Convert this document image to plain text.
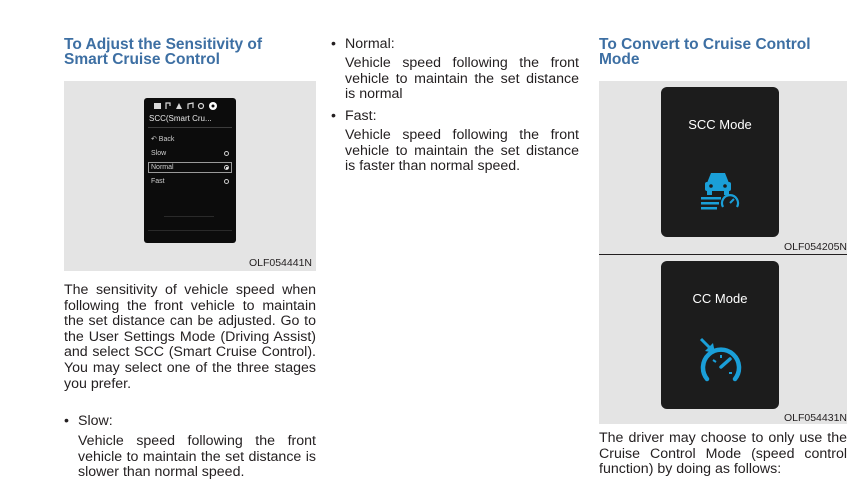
To Adjust the Sensitivity of
Smart Cruise Control
SCC(Smart Cru...
↶ Back
Slow
Normal
Fast
OLF054441N

The sensitivity of vehicle speed when following the front vehicle to maintain the set distance can be adjusted. Go to the User Settings Mode (Driving Assist) and select SCC (Smart Cruise Control). You may select one of the three stages you prefer.

• Slow:
Vehicle speed following the front vehicle to maintain the set distance is slower than normal speed.
• Normal:
Vehicle speed following the front vehicle to maintain the set distance is normal
• Fast:
Vehicle speed following the front vehicle to maintain the set distance is faster than normal speed.
To Convert to Cruise Control
Mode
SCC Mode
OLF054205N
CC Mode
OLF054431N

The driver may choose to only use the Cruise Control Mode (speed control function) by doing as follows:
